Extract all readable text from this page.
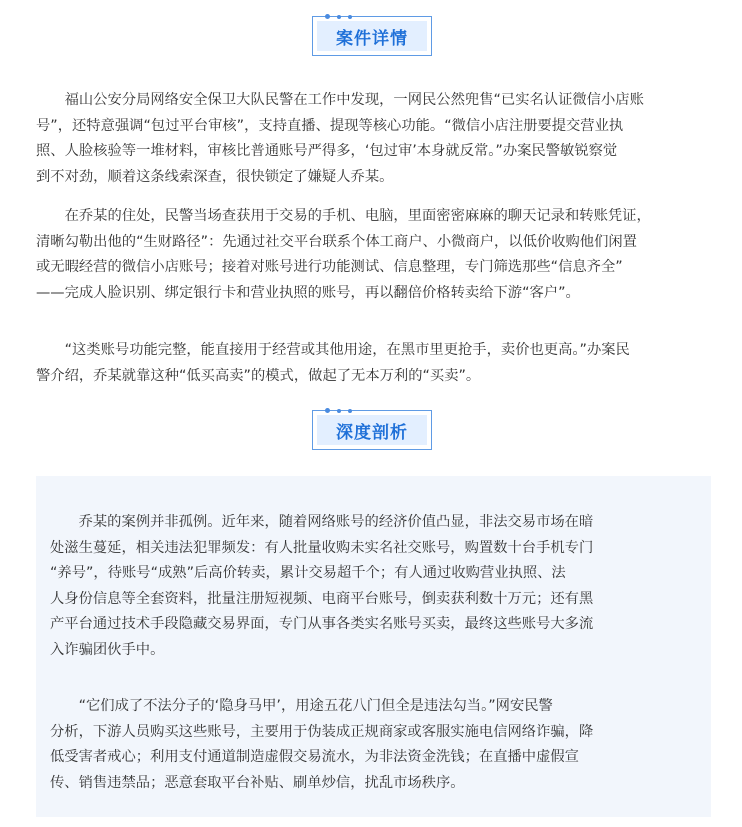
案件详情
福山公安分局网络安全保卫大队民警在工作中发现，一网民公然兜售“已实名认证微信小店账
号”，还特意强调“包过平台审核”，支持直播、提现等核心功能。“微信小店注册要提交营业执
照、人脸核验等一堆材料，审核比普通账号严得多，‘包过审’本身就反常。”办案民警敏锐察觉
到不对劲，顺着这条线索深查，很快锁定了嫌疑人乔某。
在乔某的住处，民警当场查获用于交易的手机、电脑，里面密密麻麻的聊天记录和转账凭证，
清晰勾勒出他的“生财路径”：先通过社交平台联系个体工商户、小微商户，以低价收购他们闲置
或无暇经营的微信小店账号；接着对账号进行功能测试、信息整理，专门筛选那些“信息齐全”
——完成人脸识别、绑定银行卡和营业执照的账号，再以翻倍价格转卖给下游“客户”。
“这类账号功能完整，能直接用于经营或其他用途，在黑市里更抢手，卖价也更高。”办案民
警介绍，乔某就靠这种“低买高卖”的模式，做起了无本万利的“买卖”。
深度剖析
乔某的案例并非孤例。近年来，随着网络账号的经济价值凸显，非法交易市场在暗
处滋生蔓延，相关违法犯罪频发：有人批量收购未实名社交账号，购置数十台手机专门
“养号”，待账号“成熟”后高价转卖，累计交易超千个；有人通过收购营业执照、法
人身份信息等全套资料，批量注册短视频、电商平台账号，倒卖获利数十万元；还有黑
产平台通过技术手段隐藏交易界面，专门从事各类实名账号买卖，最终这些账号大多流
入诈骗团伙手中。
“它们成了不法分子的‘隐身马甲’，用途五花八门但全是违法勾当。”网安民警
分析，下游人员购买这些账号，主要用于伪装成正规商家或客服实施电信网络诈骗，降
低受害者戒心；利用支付通道制造虚假交易流水，为非法资金洗钱；在直播中虚假宣
传、销售违禁品；恶意套取平台补贴、刷单炒信，扰乱市场秩序。
